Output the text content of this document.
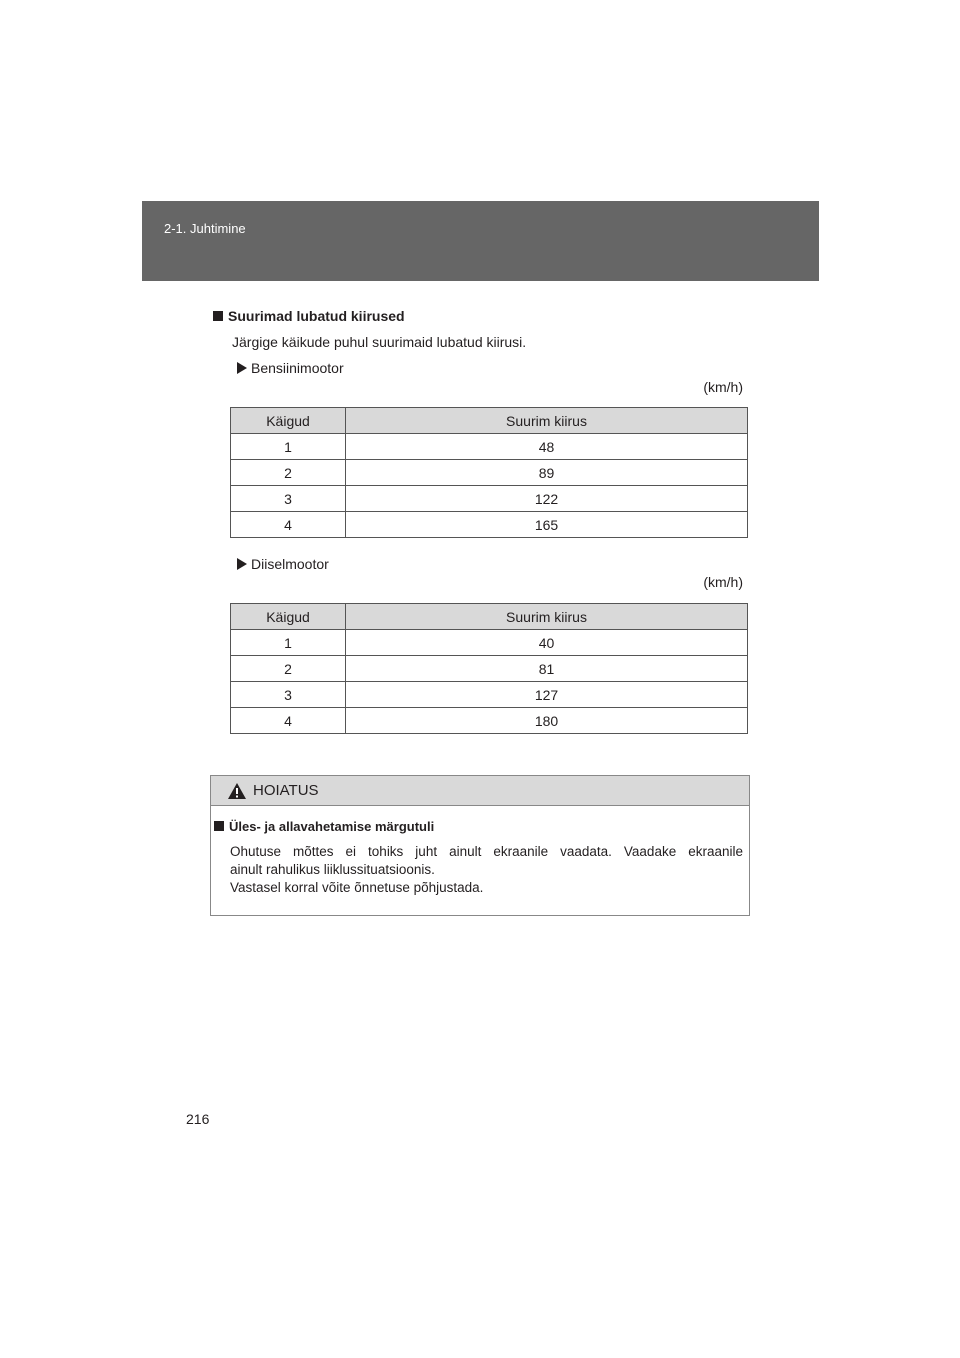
2-1. Juhtimine
Suurimad lubatud kiirused
Järgige käikude puhul suurimaid lubatud kiirusi.
Bensiinimootor
(km/h)
Käigud	Suurim kiirus
1	48
2	89
3	122
4	165
Diiselmootor
(km/h)
Käigud	Suurim kiirus
1	40
2	81
3	127
4	180
HOIATUS
Üles- ja allavahetamise märgutuli
Ohutuse mõttes ei tohiks juht ainult ekraanile vaadata. Vaadake ekraanile
ainult rahulikus liiklussituatsioonis.
Vastasel korral võite õnnetuse põhjustada.
216
